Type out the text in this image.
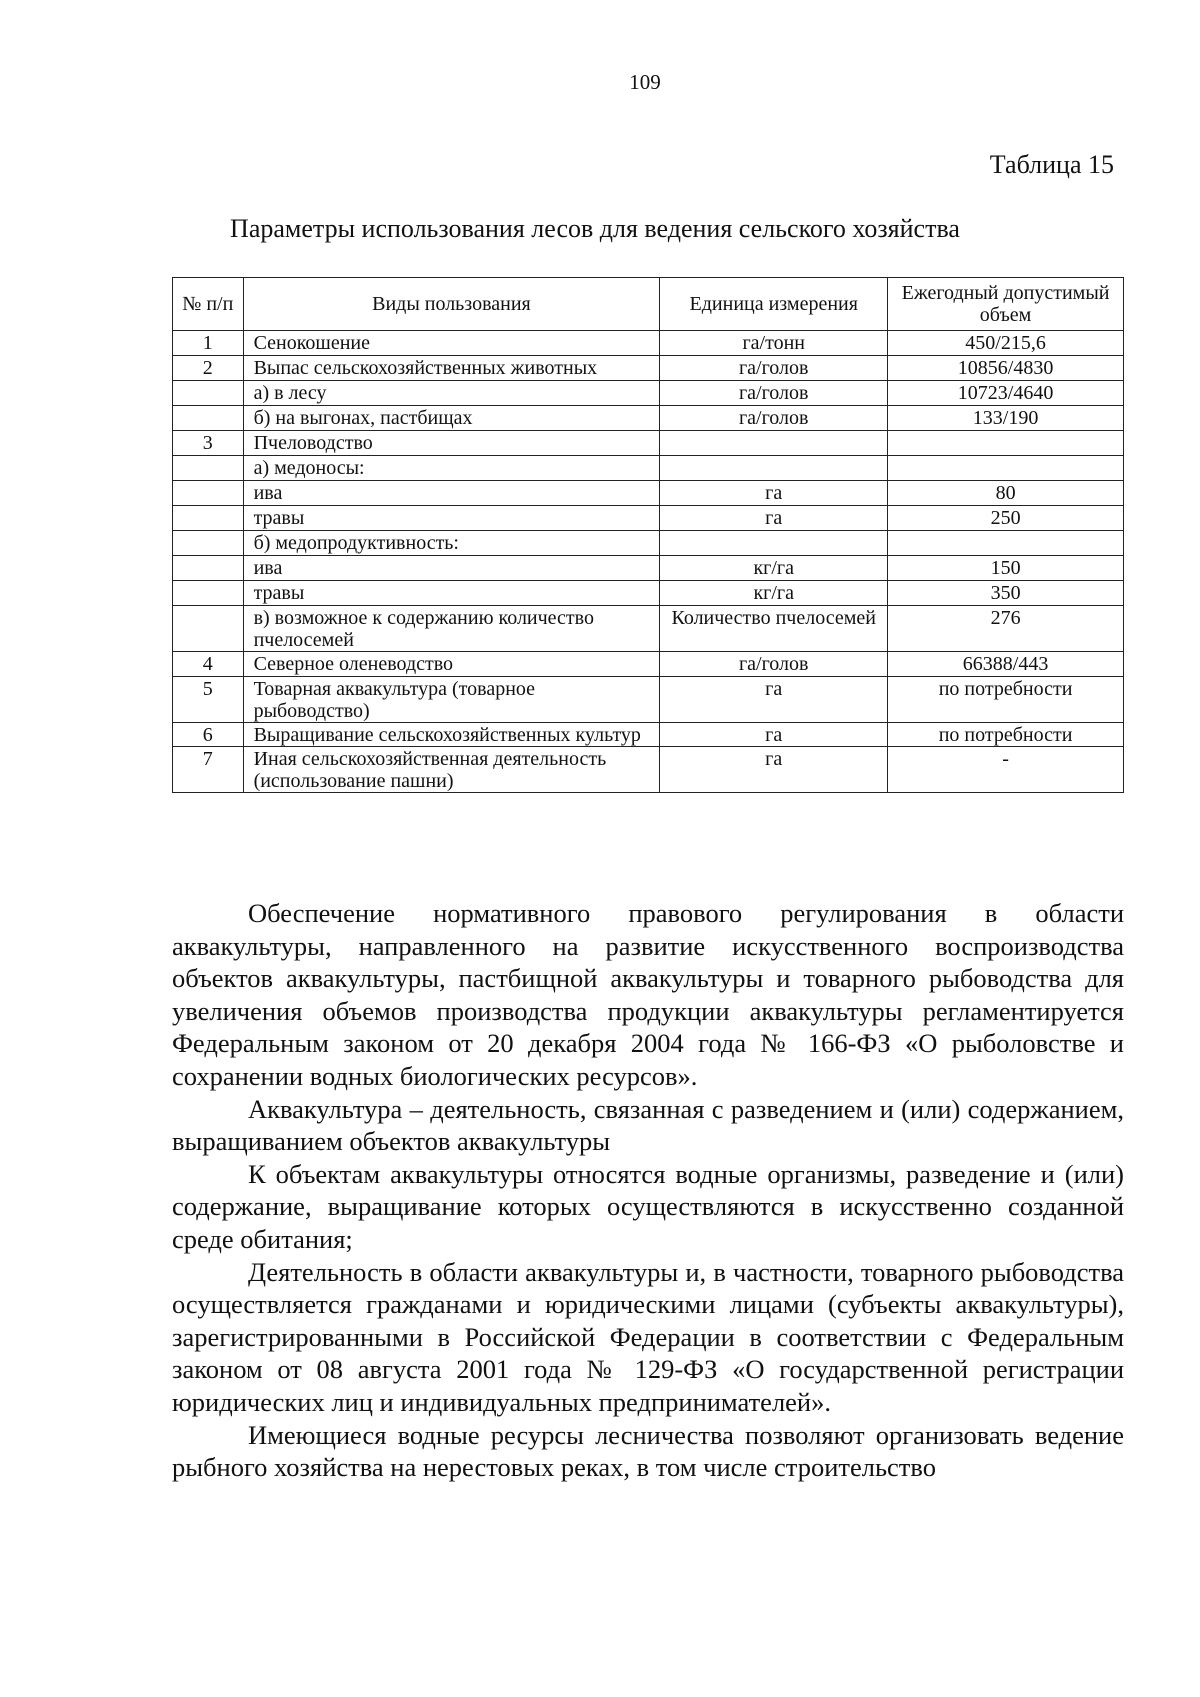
109
Таблица 15
Параметры использования лесов для ведения сельского хозяйства
№ п/п	Виды пользования	Единица измерения	Ежегодный допустимый объем
1	Сенокошение	га/тонн	450/215,6
2	Выпас сельскохозяйственных животных	га/голов	10856/4830
	а) в лесу	га/голов	10723/4640
	б) на выгонах, пастбищах	га/голов	133/190
3	Пчеловодство		
	а) медоносы:		
	ива	га	80
	травы	га	250
	б) медопродуктивность:		
	ива	кг/га	150
	травы	кг/га	350
	в) возможное к содержанию количество пчелосемей	Количество пчелосемей	276
4	Северное оленеводство	га/голов	66388/443
5	Товарная аквакультура (товарное рыбоводство)	га	по потребности
6	Выращивание сельскохозяйственных культур	га	по потребности
7	Иная сельскохозяйственная деятельность (использование пашни)	га	-

Обеспечение нормативного правового регулирования в области аквакультуры, направленного на развитие искусственного воспроизводства объектов аквакультуры, пастбищной аквакультуры и товарного рыбоводства для увеличения объемов производства продукции аквакультуры регламентируется Федеральным законом от 20 декабря 2004 года № 166-ФЗ «О рыболовстве и сохранении водных биологических ресурсов».

Аквакультура – деятельность, связанная с разведением и (или) содержанием, выращиванием объектов аквакультуры

К объектам аквакультуры относятся водные организмы, разведение и (или) содержание, выращивание которых осуществляются в искусственно созданной среде обитания;

Деятельность в области аквакультуры и, в частности, товарного рыбоводства осуществляется гражданами и юридическими лицами (субъекты аквакультуры), зарегистрированными в Российской Федерации в соответствии с Федеральным законом от 08 августа 2001 года № 129-ФЗ «О государственной регистрации юридических лиц и индивидуальных предпринимателей».

Имеющиеся водные ресурсы лесничества позволяют организовать ведение рыбного хозяйства на нерестовых реках, в том числе строительство
